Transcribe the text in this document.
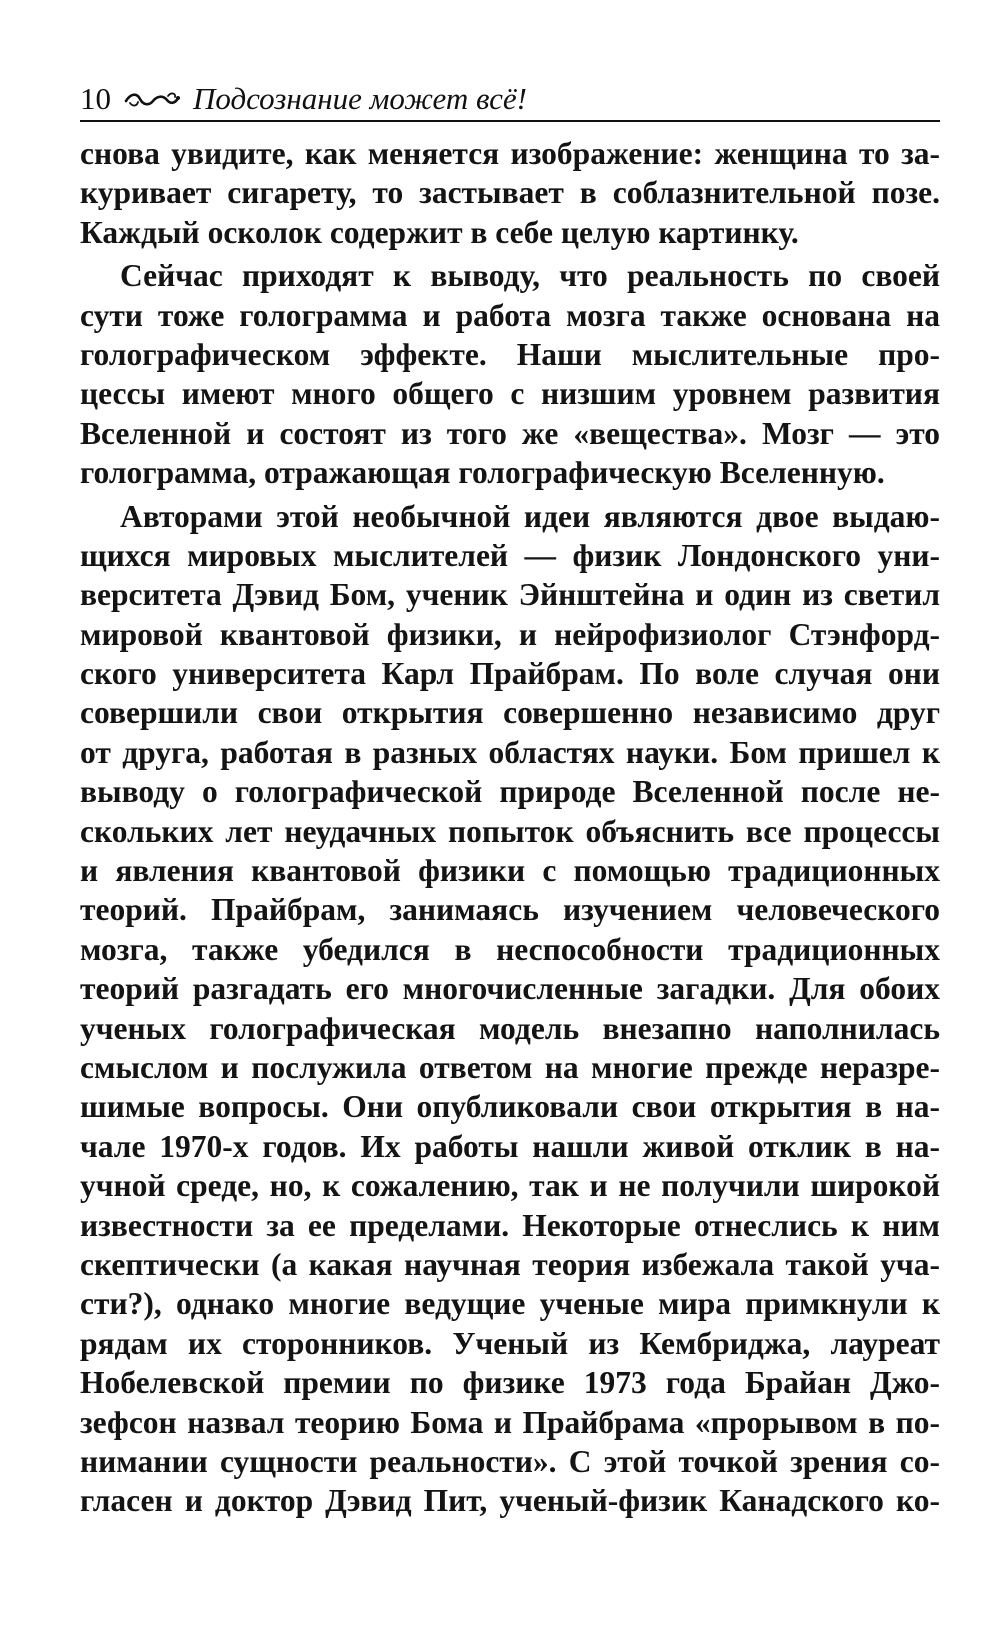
10	Подсознание может всё!
снова увидите, как меняется изображение: женщина то за-
куривает сигарету, то застывает в соблазнительной позе.
Каждый осколок содержит в себе целую картинку.
Сейчас приходят к выводу, что реальность по своей
сути тоже голограмма и работа мозга также основана на
голографическом эффекте. Наши мыслительные про-
цессы имеют много общего с низшим уровнем развития
Вселенной и состоят из того же «вещества». Мозг — это
голограмма, отражающая голографическую Вселенную.
Авторами этой необычной идеи являются двое выдаю-
щихся мировых мыслителей — физик Лондонского уни-
верситета Дэвид Бом, ученик Эйнштейна и один из светил
мировой квантовой физики, и нейрофизиолог Стэнфорд-
ского университета Карл Прайбрам. По воле случая они
совершили свои открытия совершенно независимо друг
от друга, работая в разных областях науки. Бом пришел к
выводу о голографической природе Вселенной после не-
скольких лет неудачных попыток объяснить все процессы
и явления квантовой физики с помощью традиционных
теорий. Прайбрам, занимаясь изучением человеческого
мозга, также убедился в неспособности традиционных
теорий разгадать его многочисленные загадки. Для обоих
ученых голографическая модель внезапно наполнилась
смыслом и послужила ответом на многие прежде неразре-
шимые вопросы. Они опубликовали свои открытия в на-
чале 1970-х годов. Их работы нашли живой отклик в на-
учной среде, но, к сожалению, так и не получили широкой
известности за ее пределами. Некоторые отнеслись к ним
скептически (а какая научная теория избежала такой уча-
сти?), однако многие ведущие ученые мира примкнули к
рядам их сторонников. Ученый из Кембриджа, лауреат
Нобелевской премии по физике 1973 года Брайан Джо-
зефсон назвал теорию Бома и Прайбрама «прорывом в по-
нимании сущности реальности». С этой точкой зрения со-
гласен и доктор Дэвид Пит, ученый-физик Канадского ко-
